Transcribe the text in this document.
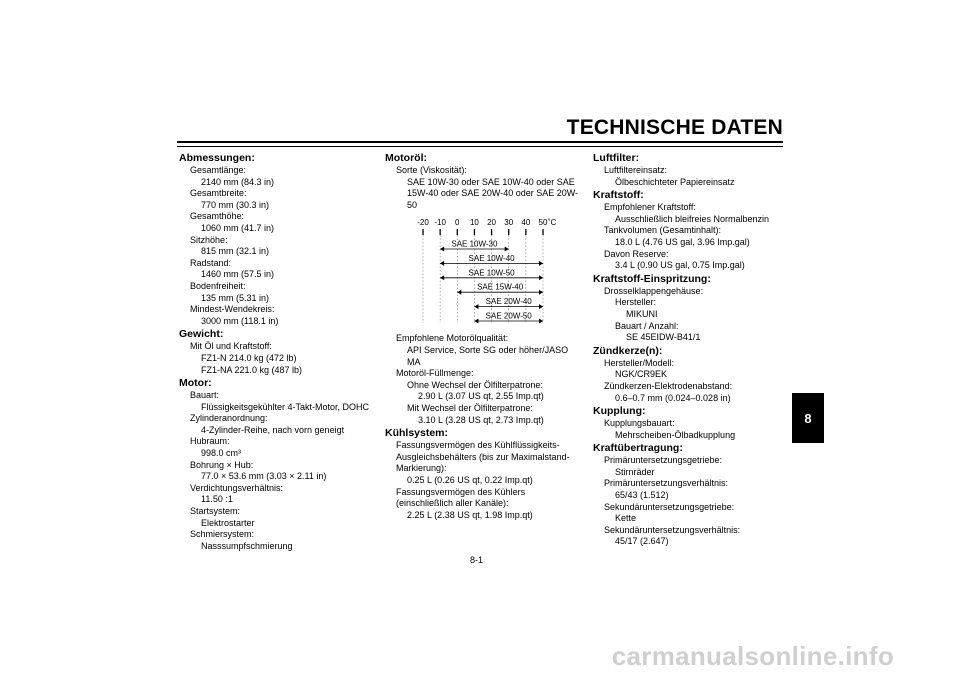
TECHNISCHE DATEN
Abmessungen:
Gesamtlänge:
2140 mm (84.3 in)
Gesamtbreite:
770 mm (30.3 in)
Gesamthöhe:
1060 mm (41.7 in)
Sitzhöhe:
815 mm (32.1 in)
Radstand:
1460 mm (57.5 in)
Bodenfreiheit:
135 mm (5.31 in)
Mindest-Wendekreis:
3000 mm (118.1 in)
Gewicht:
Mit Öl und Kraftstoff:
FZ1-N 214.0 kg (472 lb)
FZ1-NA 221.0 kg (487 lb)
Motor:
Bauart:
Flüssigkeitsgekühlter 4-Takt-Motor, DOHC
Zylinderanordnung:
4-Zylinder-Reihe, nach vorn geneigt
Hubraum:
998.0 cm³
Bohrung × Hub:
77.0 × 53.6 mm (3.03 × 2.11 in)
Verdichtungsverhältnis:
11.50 :1
Startsystem:
Elektrostarter
Schmiersystem:
Nasssumpfschmierung
Motoröl:
Sorte (Viskosität):
SAE 10W-30 oder SAE 10W-40 oder SAE
15W-40 oder SAE 20W-40 oder SAE 20W-
50
-20 -10 0 10 20 30 40 50 ˚C
SAE 10W-30
SAE 10W-40
SAE 10W-50
SAE 15W-40
SAE 20W-40
SAE 20W-50
Empfohlene Motorölqualität:
API Service, Sorte SG oder höher/JASO
MA
Motoröl-Füllmenge:
Ohne Wechsel der Ölfilterpatrone:
2.90 L (3.07 US qt, 2.55 Imp.qt)
Mit Wechsel der Ölfilterpatrone:
3.10 L (3.28 US qt, 2.73 Imp.qt)
Kühlsystem:
Fassungsvermögen des Kühlflüssigkeits-
Ausgleichsbehälters (bis zur Maximalstand-
Markierung):
0.25 L (0.26 US qt, 0.22 Imp.qt)
Fassungsvermögen des Kühlers
(einschließlich aller Kanäle):
2.25 L (2.38 US qt, 1.98 Imp.qt)
Luftfilter:
Luftfiltereinsatz:
Ölbeschichteter Papiereinsatz
Kraftstoff:
Empfohlener Kraftstoff:
Ausschließlich bleifreies Normalbenzin
Tankvolumen (Gesamtinhalt):
18.0 L (4.76 US gal, 3.96 Imp.gal)
Davon Reserve:
3.4 L (0.90 US gal, 0.75 Imp.gal)
Kraftstoff-Einspritzung:
Drosselklappengehäuse:
Hersteller:
MIKUNI
Bauart / Anzahl:
SE 45EIDW-B41/1
Zündkerze(n):
Hersteller/Modell:
NGK/CR9EK
Zündkerzen-Elektrodenabstand:
0.6–0.7 mm (0.024–0.028 in)
Kupplung:
Kupplungsbauart:
Mehrscheiben-Ölbadkupplung
Kraftübertragung:
Primäruntersetzungsgetriebe:
Stirnräder
Primäruntersetzungsverhältnis:
65/43 (1.512)
Sekundäruntersetzungsgetriebe:
Kette
Sekundäruntersetzungsverhältnis:
45/17 (2.647)
8
8-1
carmanualsonline.info
